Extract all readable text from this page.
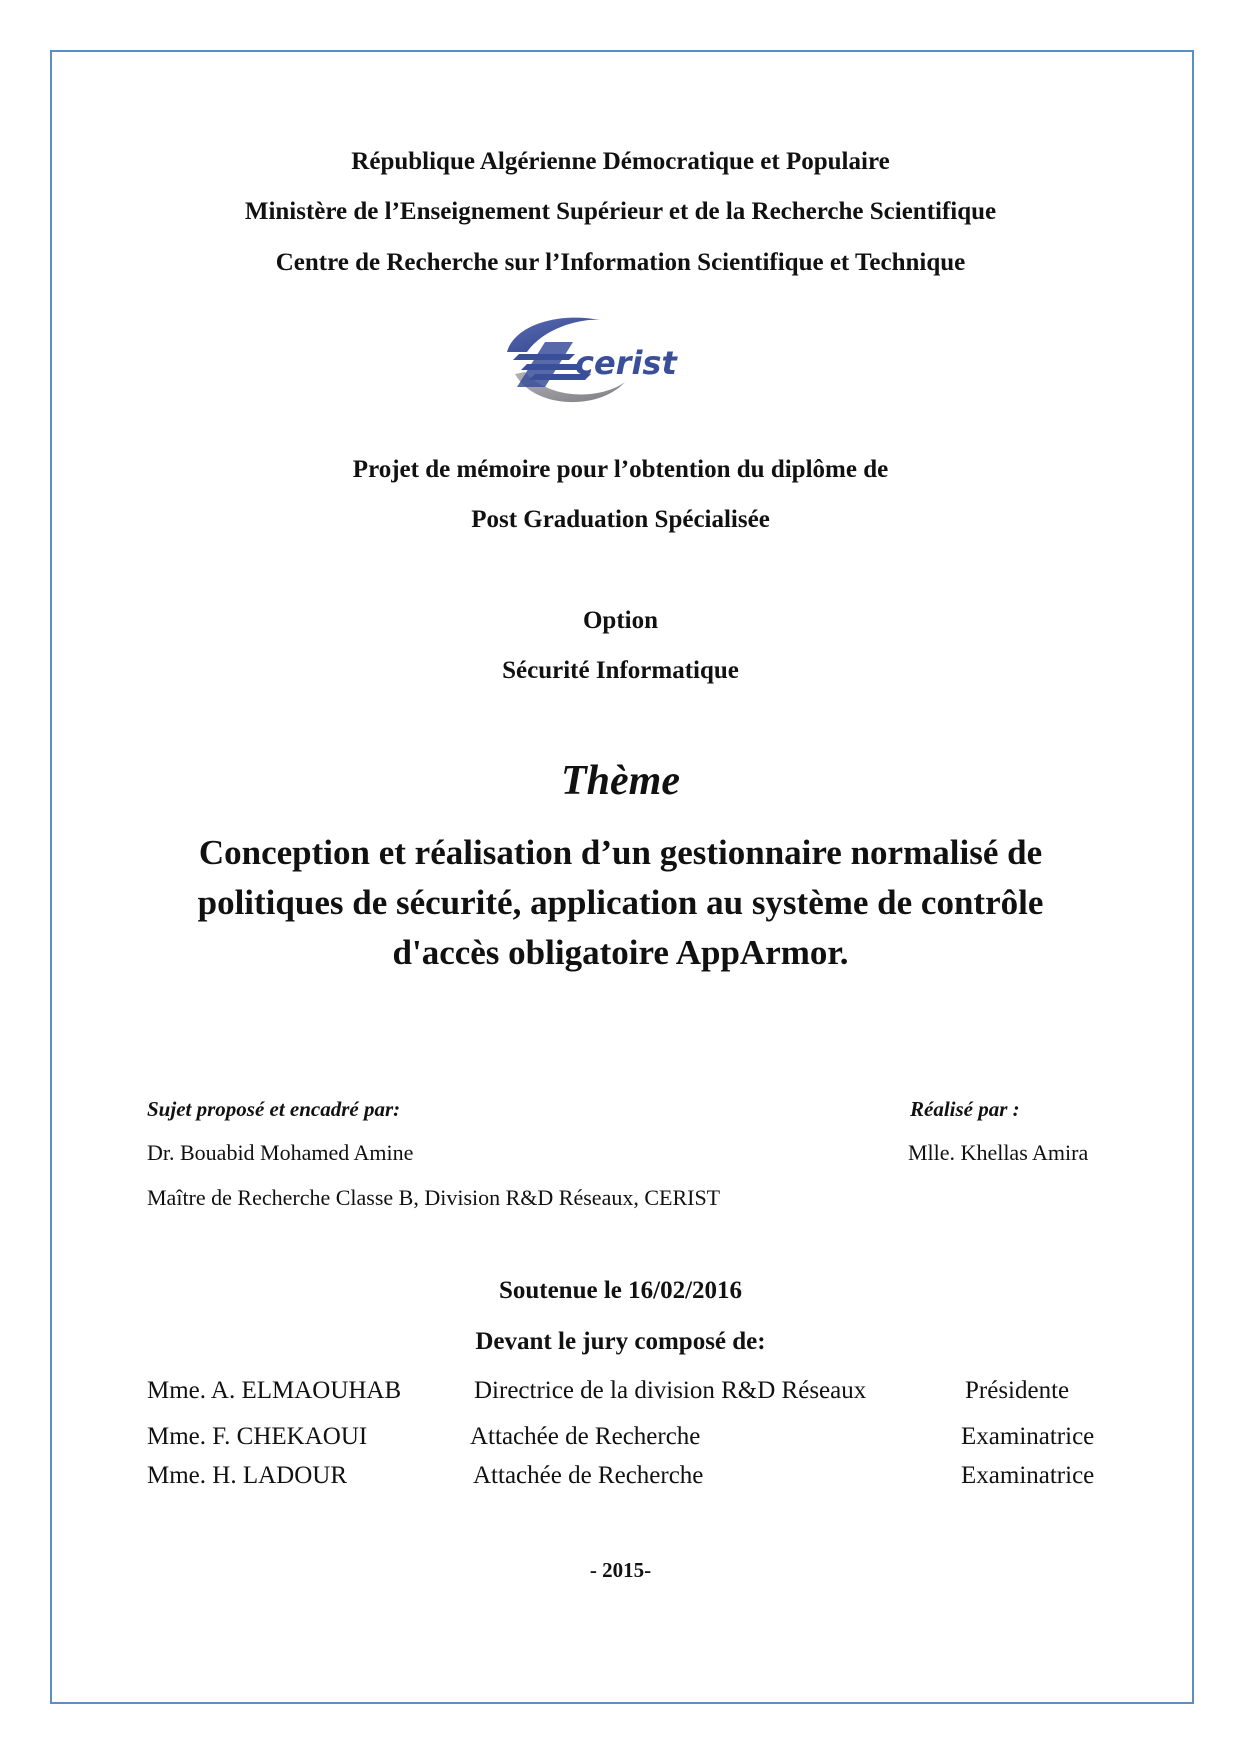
République Algérienne Démocratique et Populaire
Ministère de l’Enseignement Supérieur et de la Recherche Scientifique
Centre de Recherche sur l’Information Scientifique et Technique
cerist
Projet de mémoire pour l’obtention du diplôme de
Post Graduation Spécialisée
Option
Sécurité Informatique
Thème
Conception et réalisation d’un gestionnaire normalisé de
politiques de sécurité, application au système de contrôle
d'accès obligatoire AppArmor.
Sujet proposé et encadré par:
Dr. Bouabid Mohamed Amine
Maître de Recherche Classe B, Division R&D Réseaux, CERIST
Réalisé par :
Mlle. Khellas Amira
Soutenue le 16/02/2016
Devant le jury composé de:
Mme. A. ELMAOUHAB	Directrice de la division R&D Réseaux	Présidente
Mme. F. CHEKAOUI	Attachée de Recherche	Examinatrice
Mme. H. LADOUR	Attachée de Recherche	Examinatrice
- 2015-
